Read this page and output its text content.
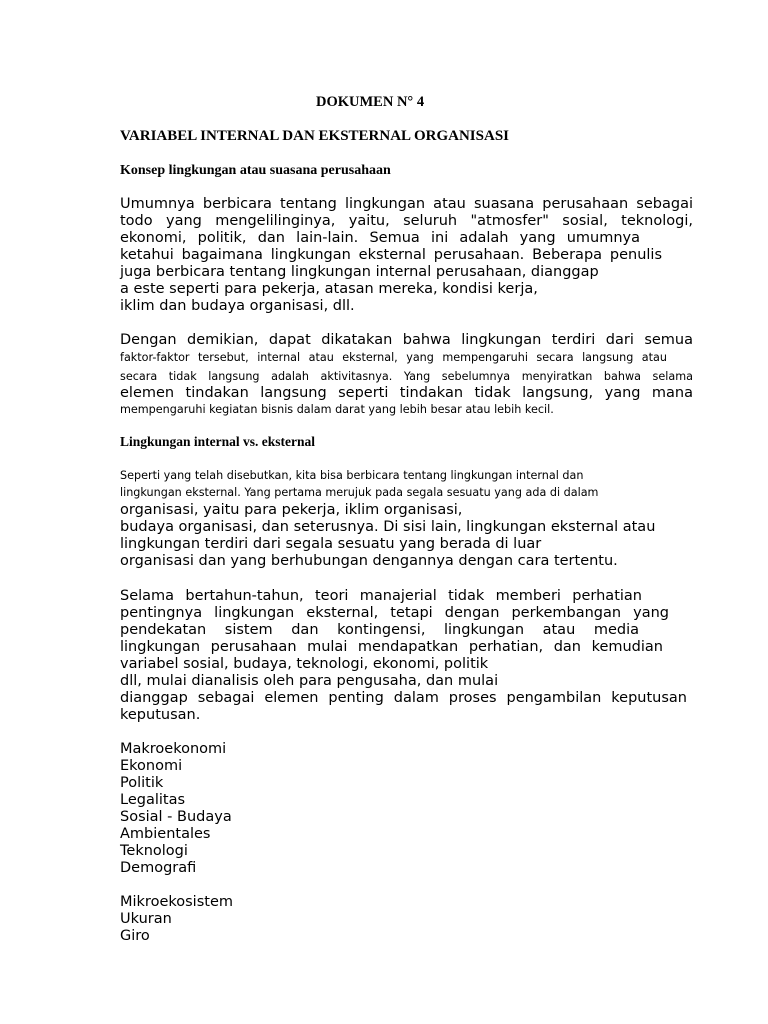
DOKUMEN N° 4
VARIABEL INTERNAL DAN EKSTERNAL ORGANISASI
Konsep lingkungan atau suasana perusahaan
Umumnya berbicara tentang lingkungan atau suasana perusahaan sebagai
todo yang mengelilinginya, yaitu, seluruh "atmosfer" sosial, teknologi,
ekonomi, politik, dan lain-lain. Semua ini adalah yang umumnya
ketahui bagaimana lingkungan eksternal perusahaan. Beberapa penulis
juga berbicara tentang lingkungan internal perusahaan, dianggap
a este seperti para pekerja, atasan mereka, kondisi kerja,
iklim dan budaya organisasi, dll.
Dengan demikian, dapat dikatakan bahwa lingkungan terdiri dari semua
faktor-faktor tersebut, internal atau eksternal, yang mempengaruhi secara langsung atau
secara tidak langsung adalah aktivitasnya. Yang sebelumnya menyiratkan bahwa selama
elemen tindakan langsung seperti tindakan tidak langsung, yang mana
mempengaruhi kegiatan bisnis dalam darat yang lebih besar atau lebih kecil.
Lingkungan internal vs. eksternal
Seperti yang telah disebutkan, kita bisa berbicara tentang lingkungan internal dan
lingkungan eksternal. Yang pertama merujuk pada segala sesuatu yang ada di dalam
organisasi, yaitu para pekerja, iklim organisasi,
budaya organisasi, dan seterusnya. Di sisi lain, lingkungan eksternal atau
lingkungan terdiri dari segala sesuatu yang berada di luar
organisasi dan yang berhubungan dengannya dengan cara tertentu.
Selama bertahun-tahun, teori manajerial tidak memberi perhatian
pentingnya lingkungan eksternal, tetapi dengan perkembangan yang
pendekatan sistem dan kontingensi, lingkungan atau media
lingkungan perusahaan mulai mendapatkan perhatian, dan kemudian
variabel sosial, budaya, teknologi, ekonomi, politik
dll, mulai dianalisis oleh para pengusaha, dan mulai
dianggap sebagai elemen penting dalam proses pengambilan keputusan
keputusan.
Makroekonomi
Ekonomi
Politik
Legalitas
Sosial - Budaya
Ambientales
Teknologi
Demografi
Mikroekosistem
Ukuran
Giro
